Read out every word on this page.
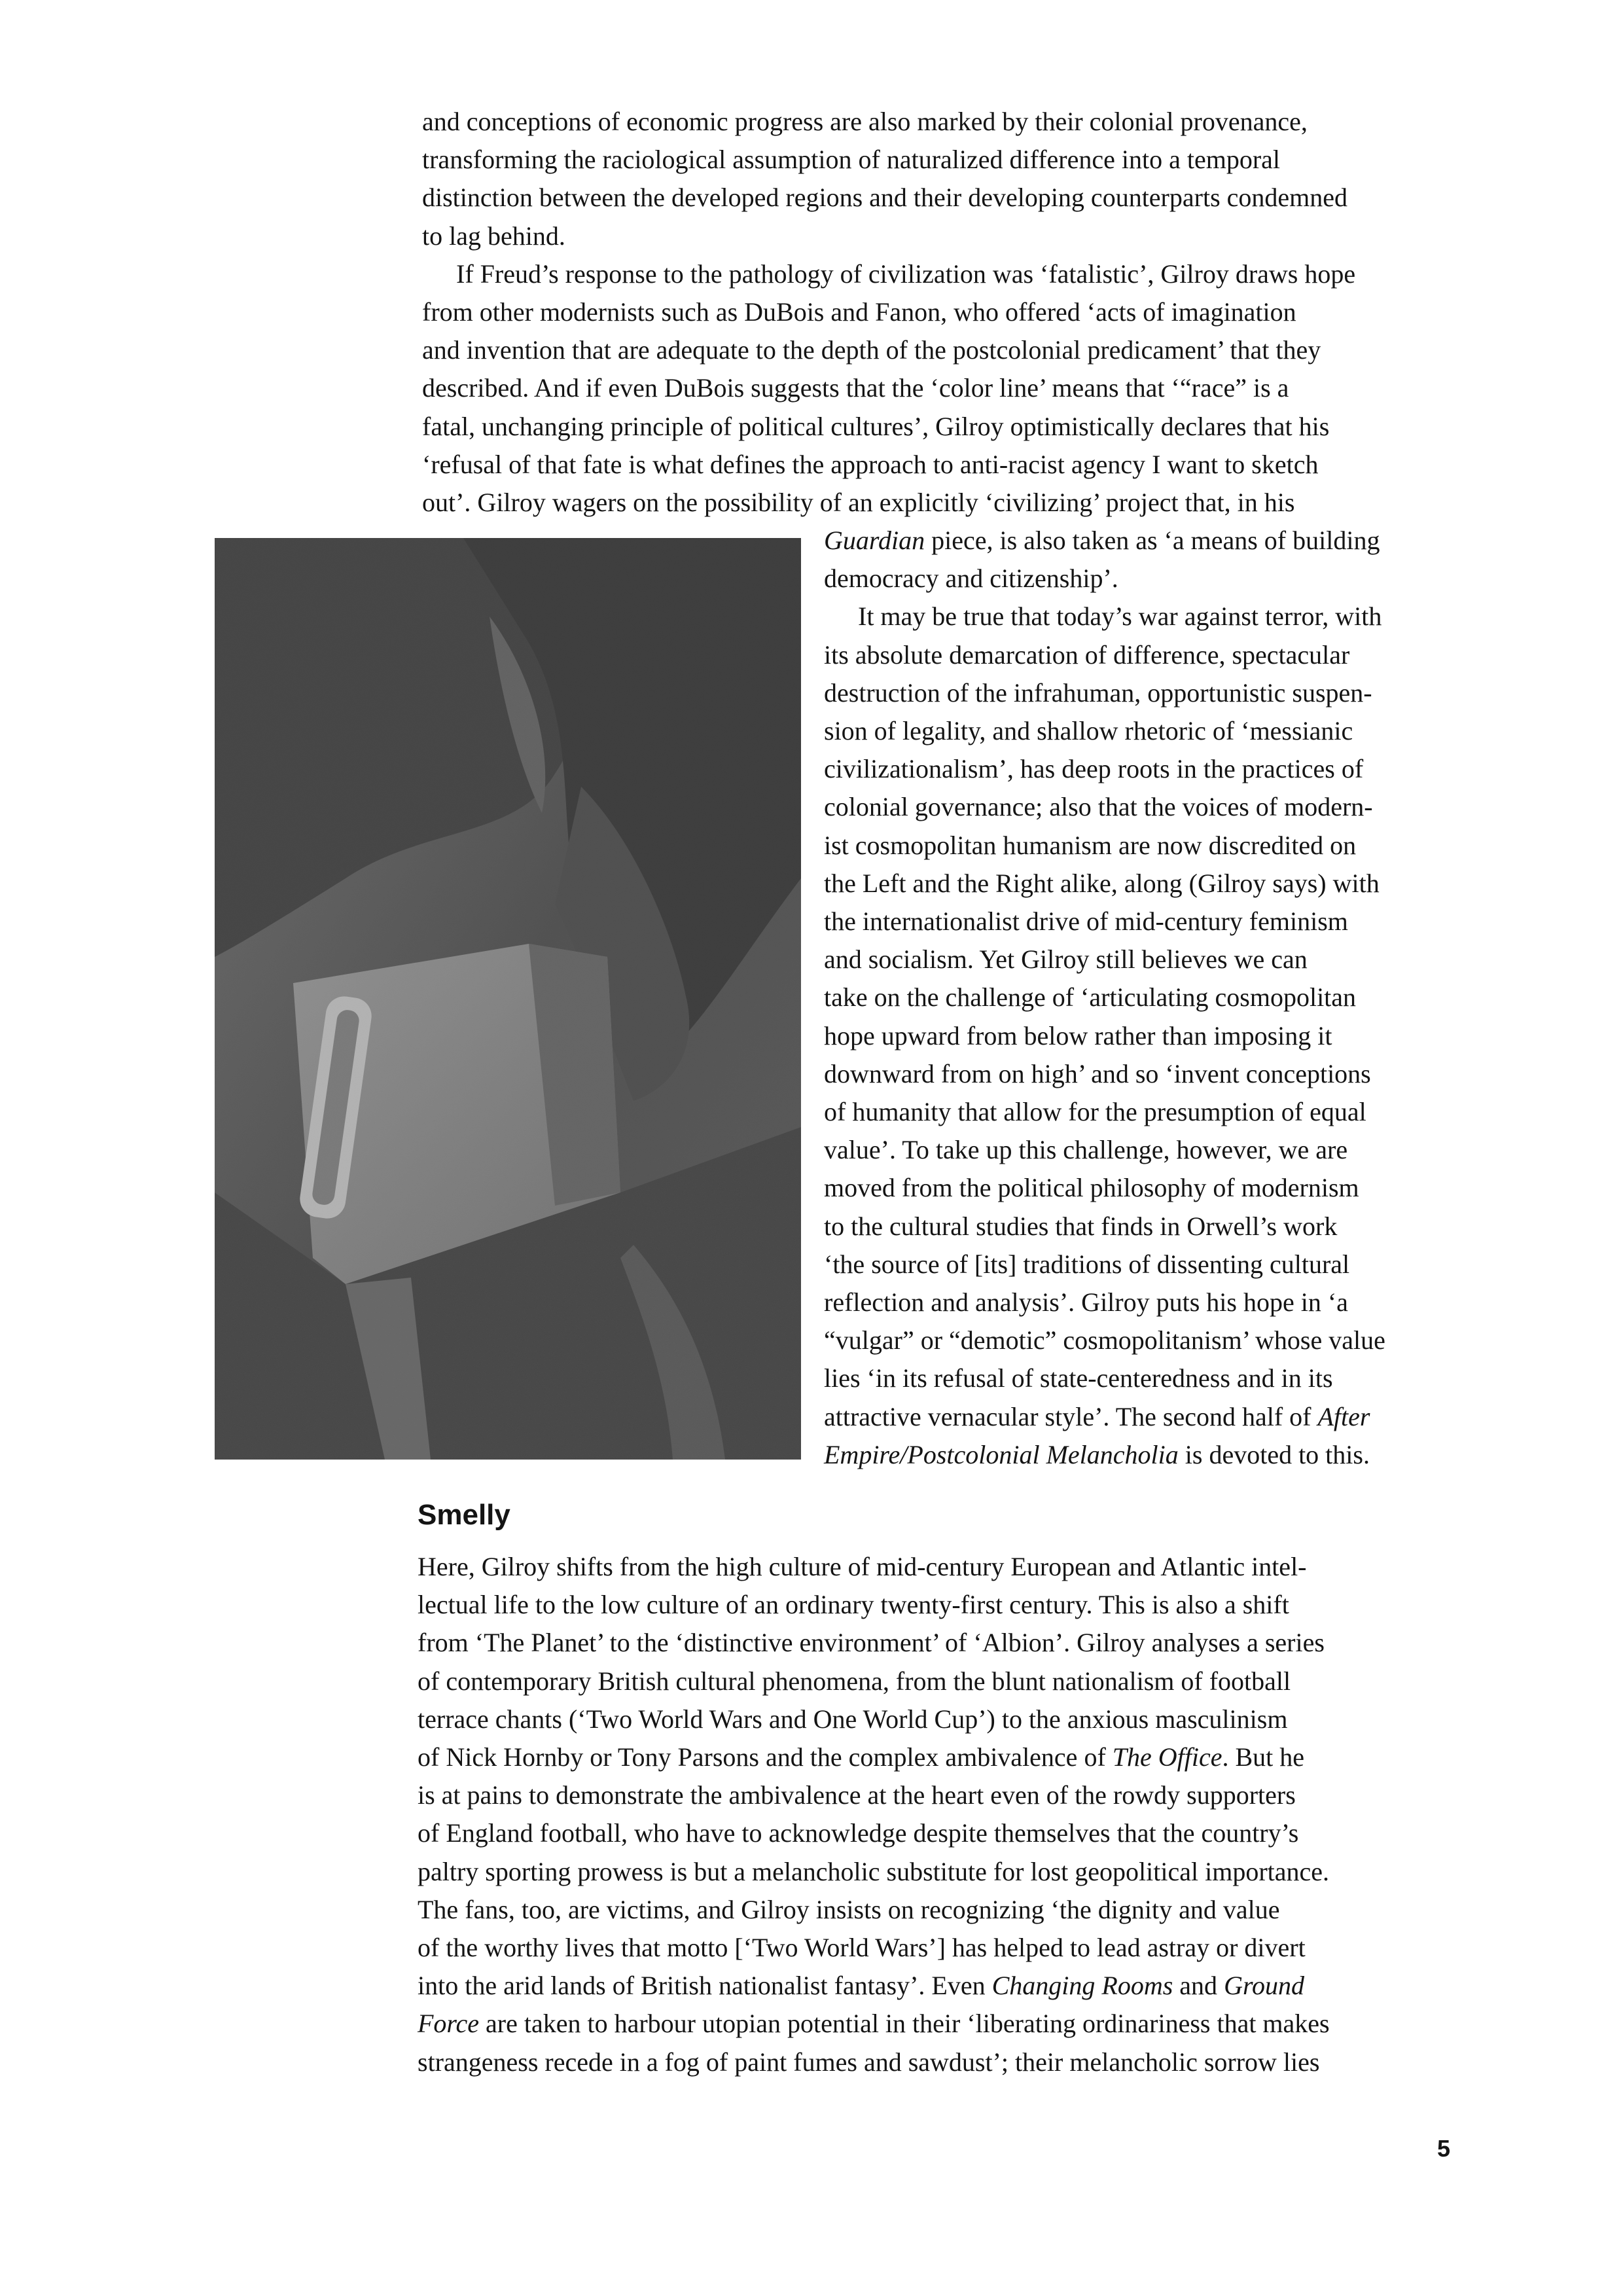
and conceptions of economic progress are also marked by their colonial provenance,
transforming the raciological assumption of naturalized difference into a temporal
distinction between the developed regions and their developing counterparts condemned
to lag behind.
If Freud’s response to the pathology of civilization was ‘fatalistic’, Gilroy draws hope
from other modernists such as DuBois and Fanon, who offered ‘acts of imagination
and invention that are adequate to the depth of the postcolonial predicament’ that they
described. And if even DuBois suggests that the ‘color line’ means that ‘“race” is a
fatal, unchanging principle of political cultures’, Gilroy optimistically declares that his
‘refusal of that fate is what defines the approach to anti-racist agency I want to sketch
out’. Gilroy wagers on the possibility of an explicitly ‘civilizing’ project that, in his
Guardian piece, is also taken as ‘a means of building
democracy and citizenship’.
It may be true that today’s war against terror, with
its absolute demarcation of difference, spectacular
destruction of the infrahuman, opportunistic suspen-
sion of legality, and shallow rhetoric of ‘messianic
civilizationalism’, has deep roots in the practices of
colonial governance; also that the voices of modern-
ist cosmopolitan humanism are now discredited on
the Left and the Right alike, along (Gilroy says) with
the internationalist drive of mid-century feminism
and socialism. Yet Gilroy still believes we can
take on the challenge of ‘articulating cosmopolitan
hope upward from below rather than imposing it
downward from on high’ and so ‘invent conceptions
of humanity that allow for the presumption of equal
value’. To take up this challenge, however, we are
moved from the political philosophy of modernism
to the cultural studies that finds in Orwell’s work
‘the source of [its] traditions of dissenting cultural
reflection and analysis’. Gilroy puts his hope in ‘a
“vulgar” or “demotic” cosmopolitanism’ whose value
lies ‘in its refusal of state-centeredness and in its
attractive vernacular style’. The second half of After
Empire/Postcolonial Melancholia is devoted to this.
Smelly
Here, Gilroy shifts from the high culture of mid-century European and Atlantic intel-
lectual life to the low culture of an ordinary twenty-first century. This is also a shift
from ‘The Planet’ to the ‘distinctive environment’ of ‘Albion’. Gilroy analyses a series
of contemporary British cultural phenomena, from the blunt nationalism of football
terrace chants (‘Two World Wars and One World Cup’) to the anxious masculinism
of Nick Hornby or Tony Parsons and the complex ambivalence of The Office. But he
is at pains to demonstrate the ambivalence at the heart even of the rowdy supporters
of England football, who have to acknowledge despite themselves that the country’s
paltry sporting prowess is but a melancholic substitute for lost geopolitical importance.
The fans, too, are victims, and Gilroy insists on recognizing ‘the dignity and value
of the worthy lives that motto [‘Two World Wars’] has helped to lead astray or divert
into the arid lands of British nationalist fantasy’. Even Changing Rooms and Ground
Force are taken to harbour utopian potential in their ‘liberating ordinariness that makes
strangeness recede in a fog of paint fumes and sawdust’; their melancholic sorrow lies
5
